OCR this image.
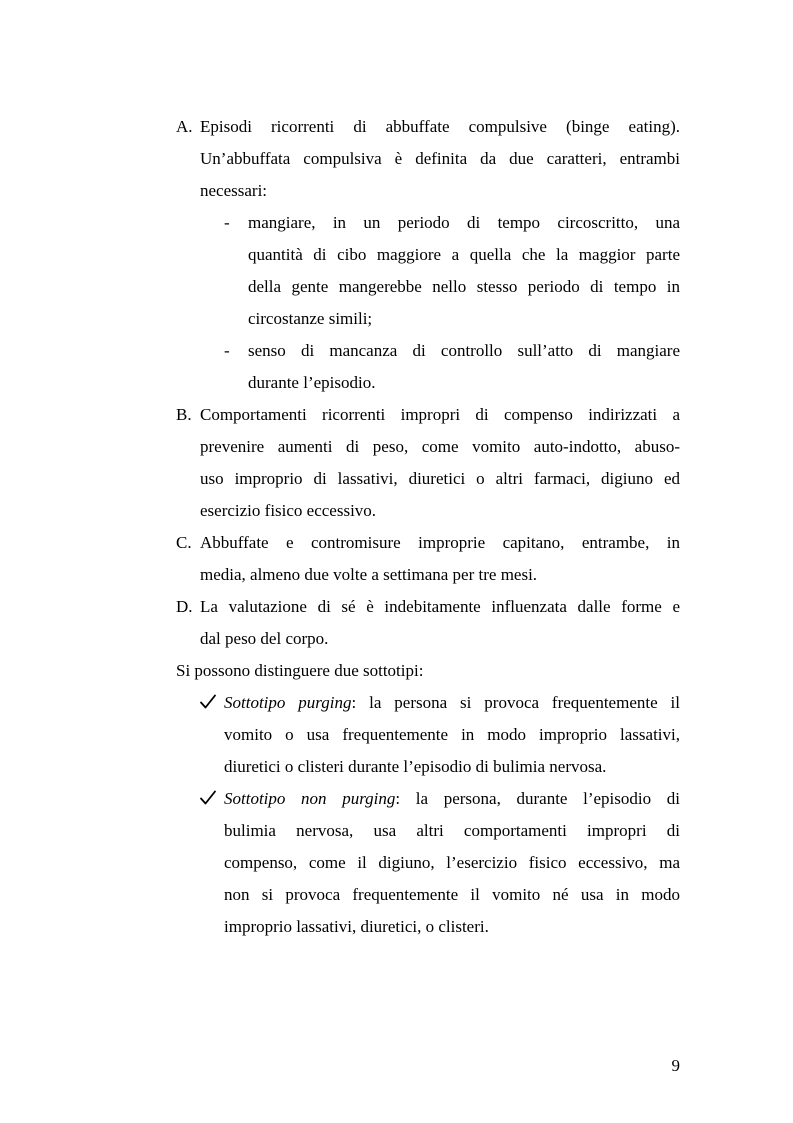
A. Episodi ricorrenti di abbuffate compulsive (binge eating).
Un’abbuffata compulsiva è definita da due caratteri, entrambi
necessari:
- mangiare, in un periodo di tempo circoscritto, una
quantità di cibo maggiore a quella che la maggior parte
della gente mangerebbe nello stesso periodo di tempo in
circostanze simili;
- senso di mancanza di controllo sull’atto di mangiare
durante l’episodio.
B. Comportamenti ricorrenti impropri di compenso indirizzati a
prevenire aumenti di peso, come vomito auto-indotto, abuso-
uso improprio di lassativi, diuretici o altri farmaci, digiuno ed
esercizio fisico eccessivo.
C. Abbuffate e contromisure improprie capitano, entrambe, in
media, almeno due volte a settimana per tre mesi.
D. La valutazione di sé è indebitamente influenzata dalle forme e
dal peso del corpo.
Si possono distinguere due sottotipi:
Sottotipo purging: la persona si provoca frequentemente il
vomito o usa frequentemente in modo improprio lassativi,
diuretici o clisteri durante l’episodio di bulimia nervosa.
Sottotipo non purging: la persona, durante l’episodio di
bulimia nervosa, usa altri comportamenti impropri di
compenso, come il digiuno, l’esercizio fisico eccessivo, ma
non si provoca frequentemente il vomito né usa in modo
improprio lassativi, diuretici, o clisteri.
9
